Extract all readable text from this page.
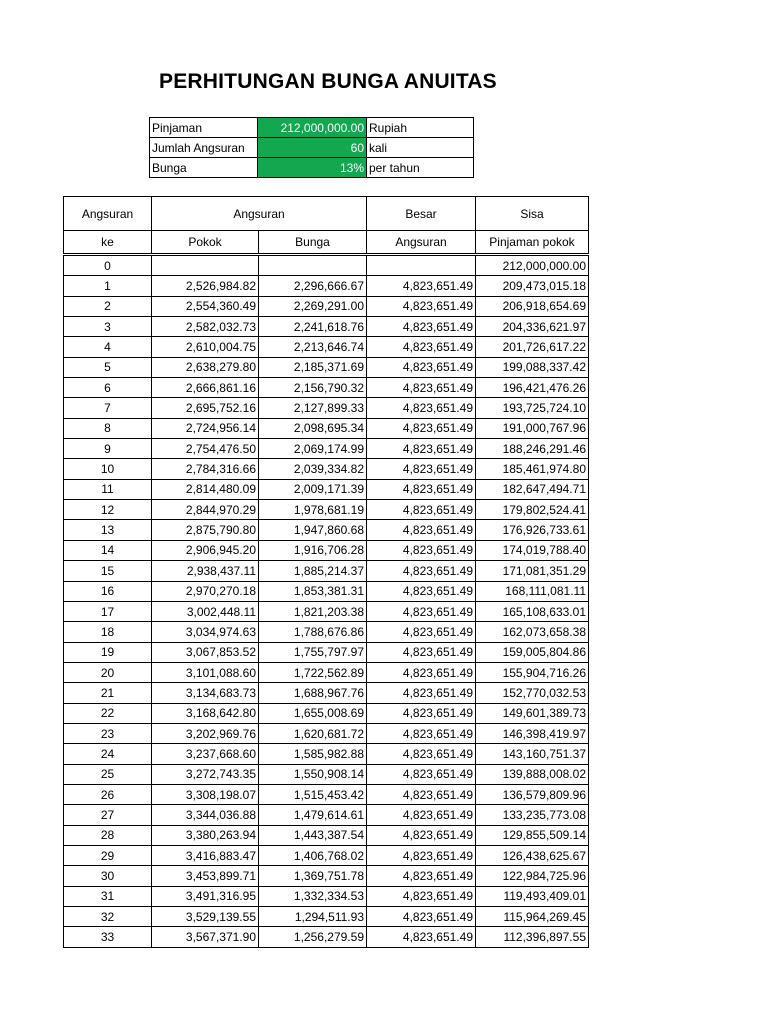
PERHITUNGAN BUNGA ANUITAS
Pinjaman	212,000,000.00	Rupiah
Jumlah Angsuran	60	kali
Bunga	13%	per tahun
Angsuran	Angsuran		Besar	Sisa
ke	Pokok	Bunga	Angsuran	Pinjaman pokok
0				212,000,000.00
1	2,526,984.82	2,296,666.67	4,823,651.49	209,473,015.18
2	2,554,360.49	2,269,291.00	4,823,651.49	206,918,654.69
3	2,582,032.73	2,241,618.76	4,823,651.49	204,336,621.97
4	2,610,004.75	2,213,646.74	4,823,651.49	201,726,617.22
5	2,638,279.80	2,185,371.69	4,823,651.49	199,088,337.42
6	2,666,861.16	2,156,790.32	4,823,651.49	196,421,476.26
7	2,695,752.16	2,127,899.33	4,823,651.49	193,725,724.10
8	2,724,956.14	2,098,695.34	4,823,651.49	191,000,767.96
9	2,754,476.50	2,069,174.99	4,823,651.49	188,246,291.46
10	2,784,316.66	2,039,334.82	4,823,651.49	185,461,974.80
11	2,814,480.09	2,009,171.39	4,823,651.49	182,647,494.71
12	2,844,970.29	1,978,681.19	4,823,651.49	179,802,524.41
13	2,875,790.80	1,947,860.68	4,823,651.49	176,926,733.61
14	2,906,945.20	1,916,706.28	4,823,651.49	174,019,788.40
15	2,938,437.11	1,885,214.37	4,823,651.49	171,081,351.29
16	2,970,270.18	1,853,381.31	4,823,651.49	168,111,081.11
17	3,002,448.11	1,821,203.38	4,823,651.49	165,108,633.01
18	3,034,974.63	1,788,676.86	4,823,651.49	162,073,658.38
19	3,067,853.52	1,755,797.97	4,823,651.49	159,005,804.86
20	3,101,088.60	1,722,562.89	4,823,651.49	155,904,716.26
21	3,134,683.73	1,688,967.76	4,823,651.49	152,770,032.53
22	3,168,642.80	1,655,008.69	4,823,651.49	149,601,389.73
23	3,202,969.76	1,620,681.72	4,823,651.49	146,398,419.97
24	3,237,668.60	1,585,982.88	4,823,651.49	143,160,751.37
25	3,272,743.35	1,550,908.14	4,823,651.49	139,888,008.02
26	3,308,198.07	1,515,453.42	4,823,651.49	136,579,809.96
27	3,344,036.88	1,479,614.61	4,823,651.49	133,235,773.08
28	3,380,263.94	1,443,387.54	4,823,651.49	129,855,509.14
29	3,416,883.47	1,406,768.02	4,823,651.49	126,438,625.67
30	3,453,899.71	1,369,751.78	4,823,651.49	122,984,725.96
31	3,491,316.95	1,332,334.53	4,823,651.49	119,493,409.01
32	3,529,139.55	1,294,511.93	4,823,651.49	115,964,269.45
33	3,567,371.90	1,256,279.59	4,823,651.49	112,396,897.55
